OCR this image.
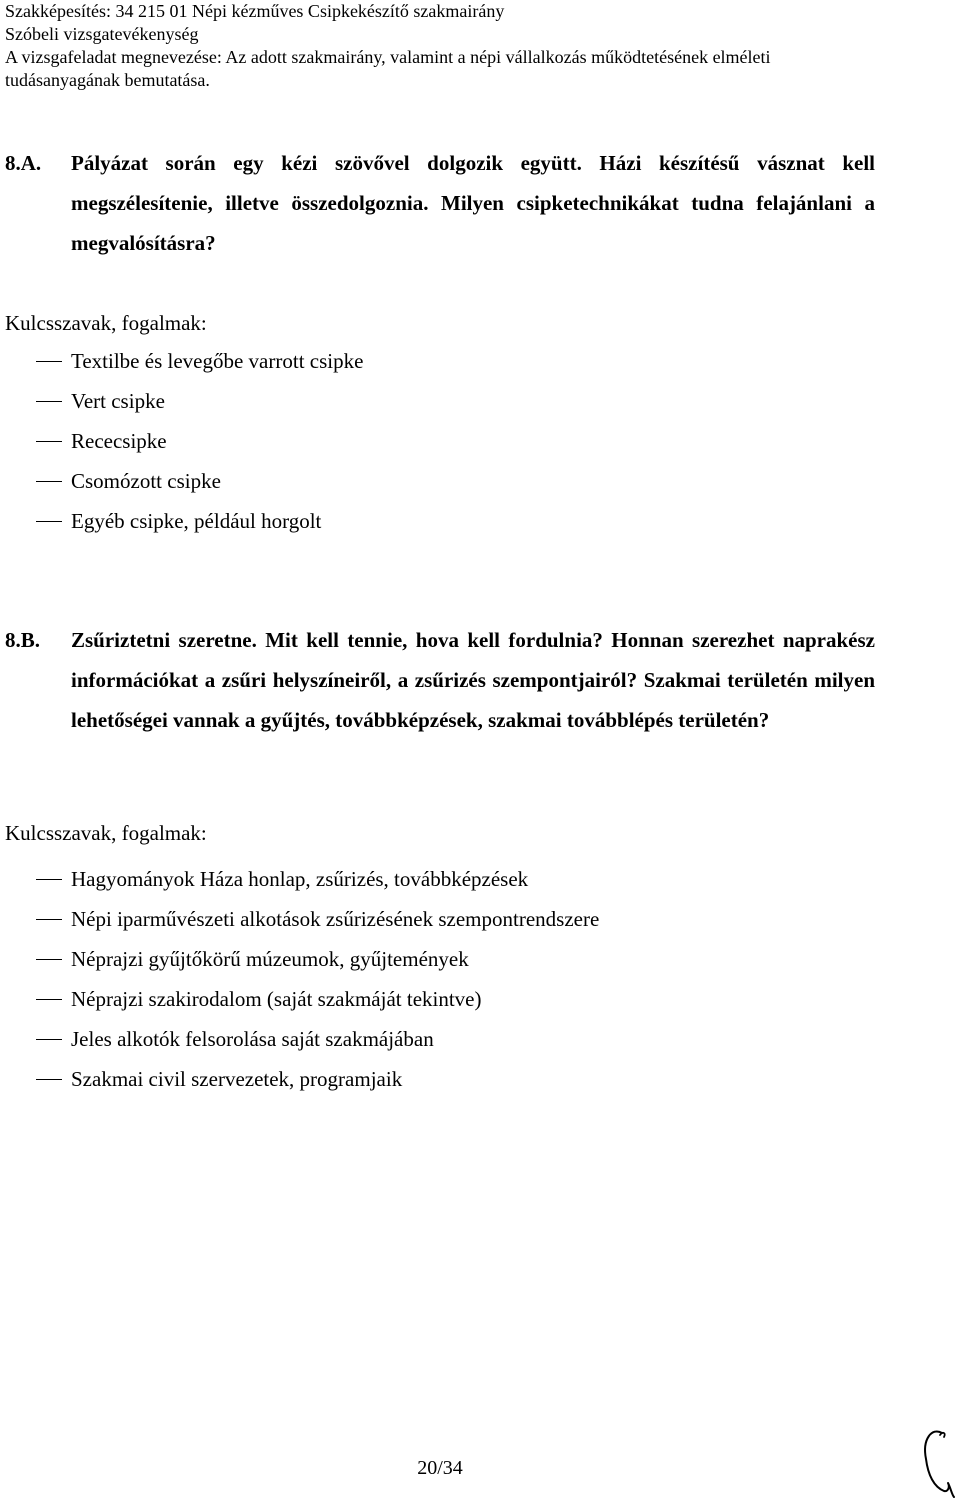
Szakképesítés: 34 215 01 Népi kézműves Csipkekészítő szakmairány
Szóbeli vizsgatevékenység
A vizsgafeladat megnevezése: Az adott szakmairány, valamint a népi vállalkozás működtetésének elméleti
tudásanyagának bemutatása.
8.A. Pályázat során egy kézi szövővel dolgozik együtt. Házi készítésű vásznat kell megszélesítenie, illetve összedolgoznia. Milyen csipketechnikákat tudna felajánlani a megvalósításra?
Kulcsszavak, fogalmak:
Textilbe és levegőbe varrott csipke
Vert csipke
Rececsipke
Csomózott csipke
Egyéb csipke, például horgolt
8.B. Zsűriztetni szeretne. Mit kell tennie, hova kell fordulnia? Honnan szerezhet naprakész információkat a zsűri helyszíneiről, a zsűrizés szempontjairól? Szakmai területén milyen lehetőségei vannak a gyűjtés, továbbképzések, szakmai továbblépés területén?
Kulcsszavak, fogalmak:
Hagyományok Háza honlap, zsűrizés, továbbképzések
Népi iparművészeti alkotások zsűrizésének szempontrendszere
Néprajzi gyűjtőkörű múzeumok, gyűjtemények
Néprajzi szakirodalom (saját szakmáját tekintve)
Jeles alkotók felsorolása saját szakmájában
Szakmai civil szervezetek, programjaik
20/34
